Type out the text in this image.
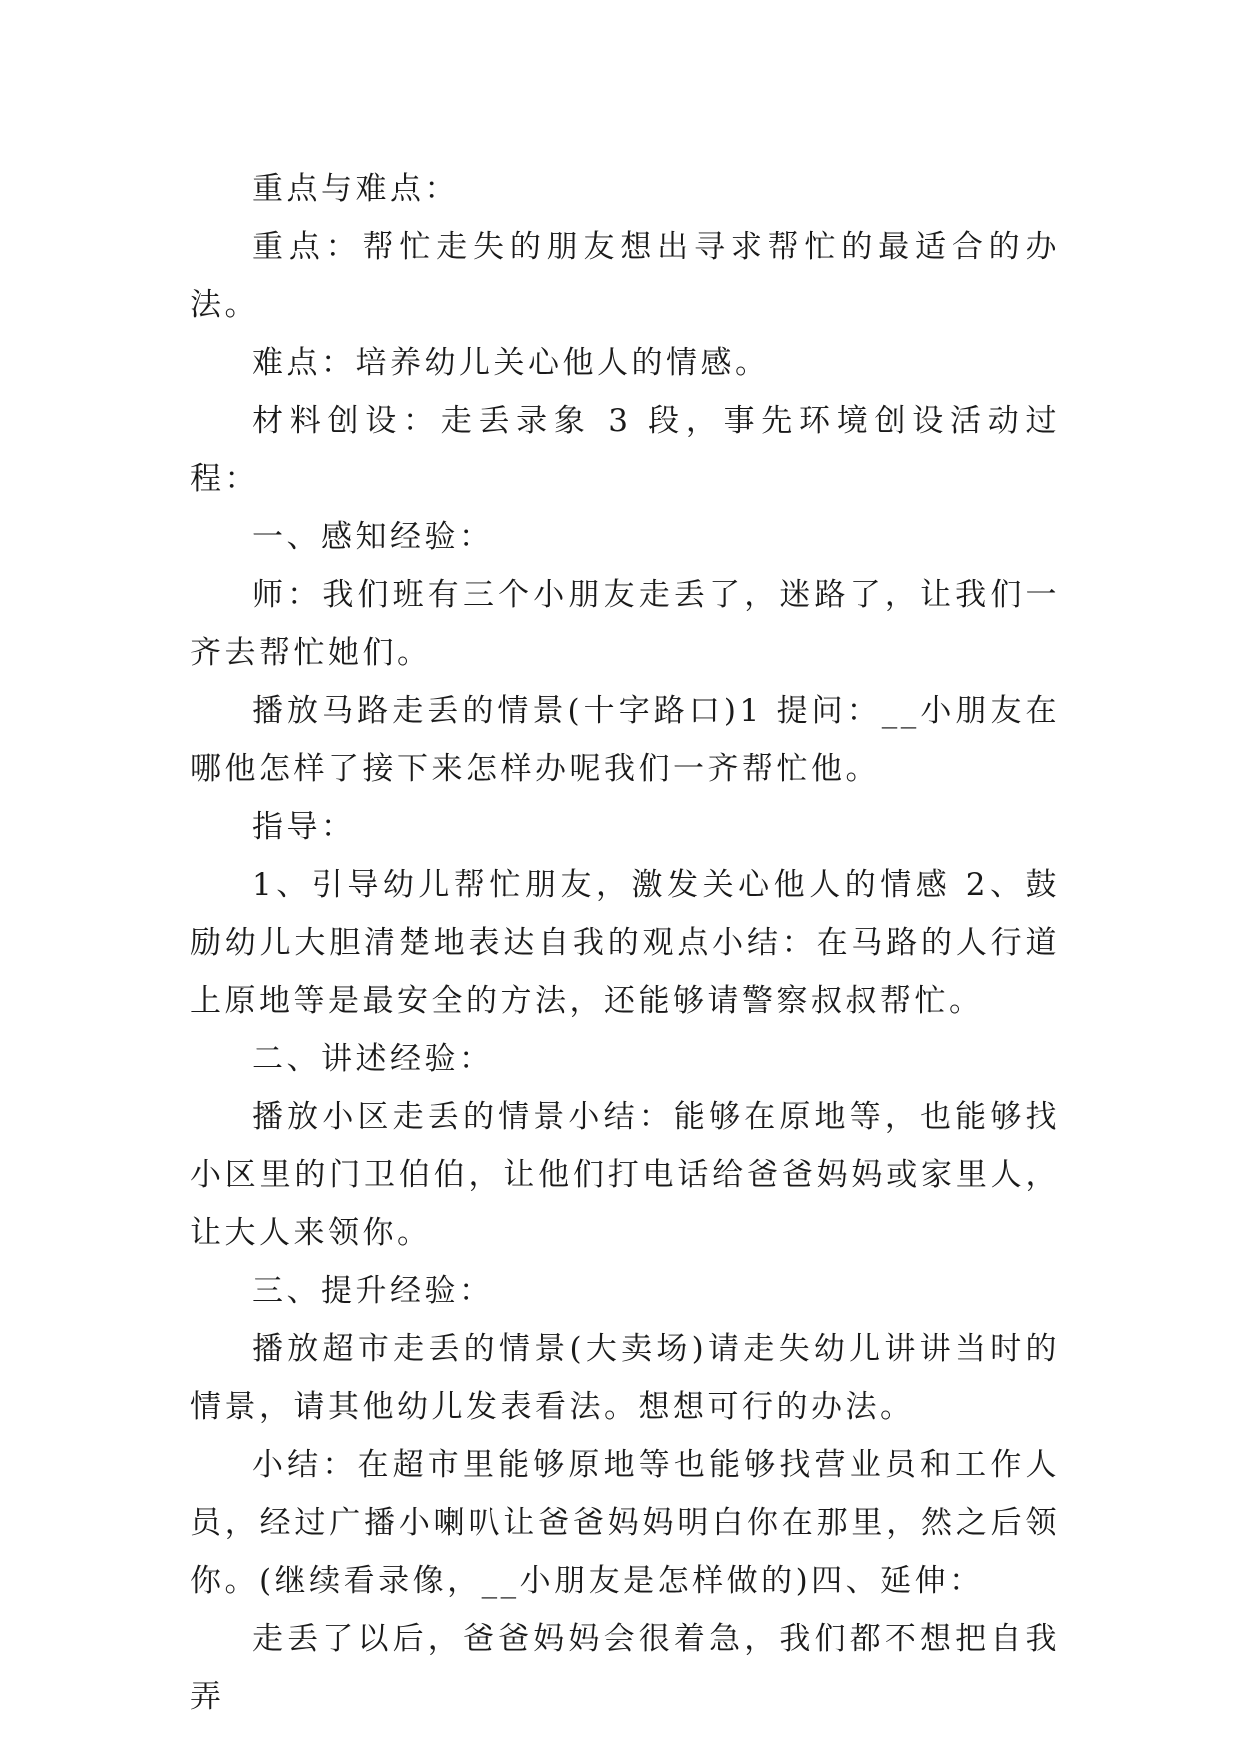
重点与难点：

重点：帮忙走失的朋友想出寻求帮忙的最适合的办法。

难点：培养幼儿关心他人的情感。

材料创设：走丢录象 3 段，事先环境创设活动过程：

一、感知经验：

师：我们班有三个小朋友走丢了，迷路了，让我们一齐去帮忙她们。

播放马路走丢的情景(十字路口)1 提问：__小朋友在哪他怎样了接下来怎样办呢我们一齐帮忙他。

指导：

1、引导幼儿帮忙朋友，激发关心他人的情感 2、鼓励幼儿大胆清楚地表达自我的观点小结：在马路的人行道上原地等是最安全的方法，还能够请警察叔叔帮忙。

二、讲述经验：

播放小区走丢的情景小结：能够在原地等，也能够找小区里的门卫伯伯，让他们打电话给爸爸妈妈或家里人，让大人来领你。

三、提升经验：

播放超市走丢的情景(大卖场)请走失幼儿讲讲当时的情景，请其他幼儿发表看法。想想可行的办法。

小结：在超市里能够原地等也能够找营业员和工作人员，经过广播小喇叭让爸爸妈妈明白你在那里，然之后领你。(继续看录像，__小朋友是怎样做的)四、延伸：

走丢了以后，爸爸妈妈会很着急，我们都不想把自我弄
